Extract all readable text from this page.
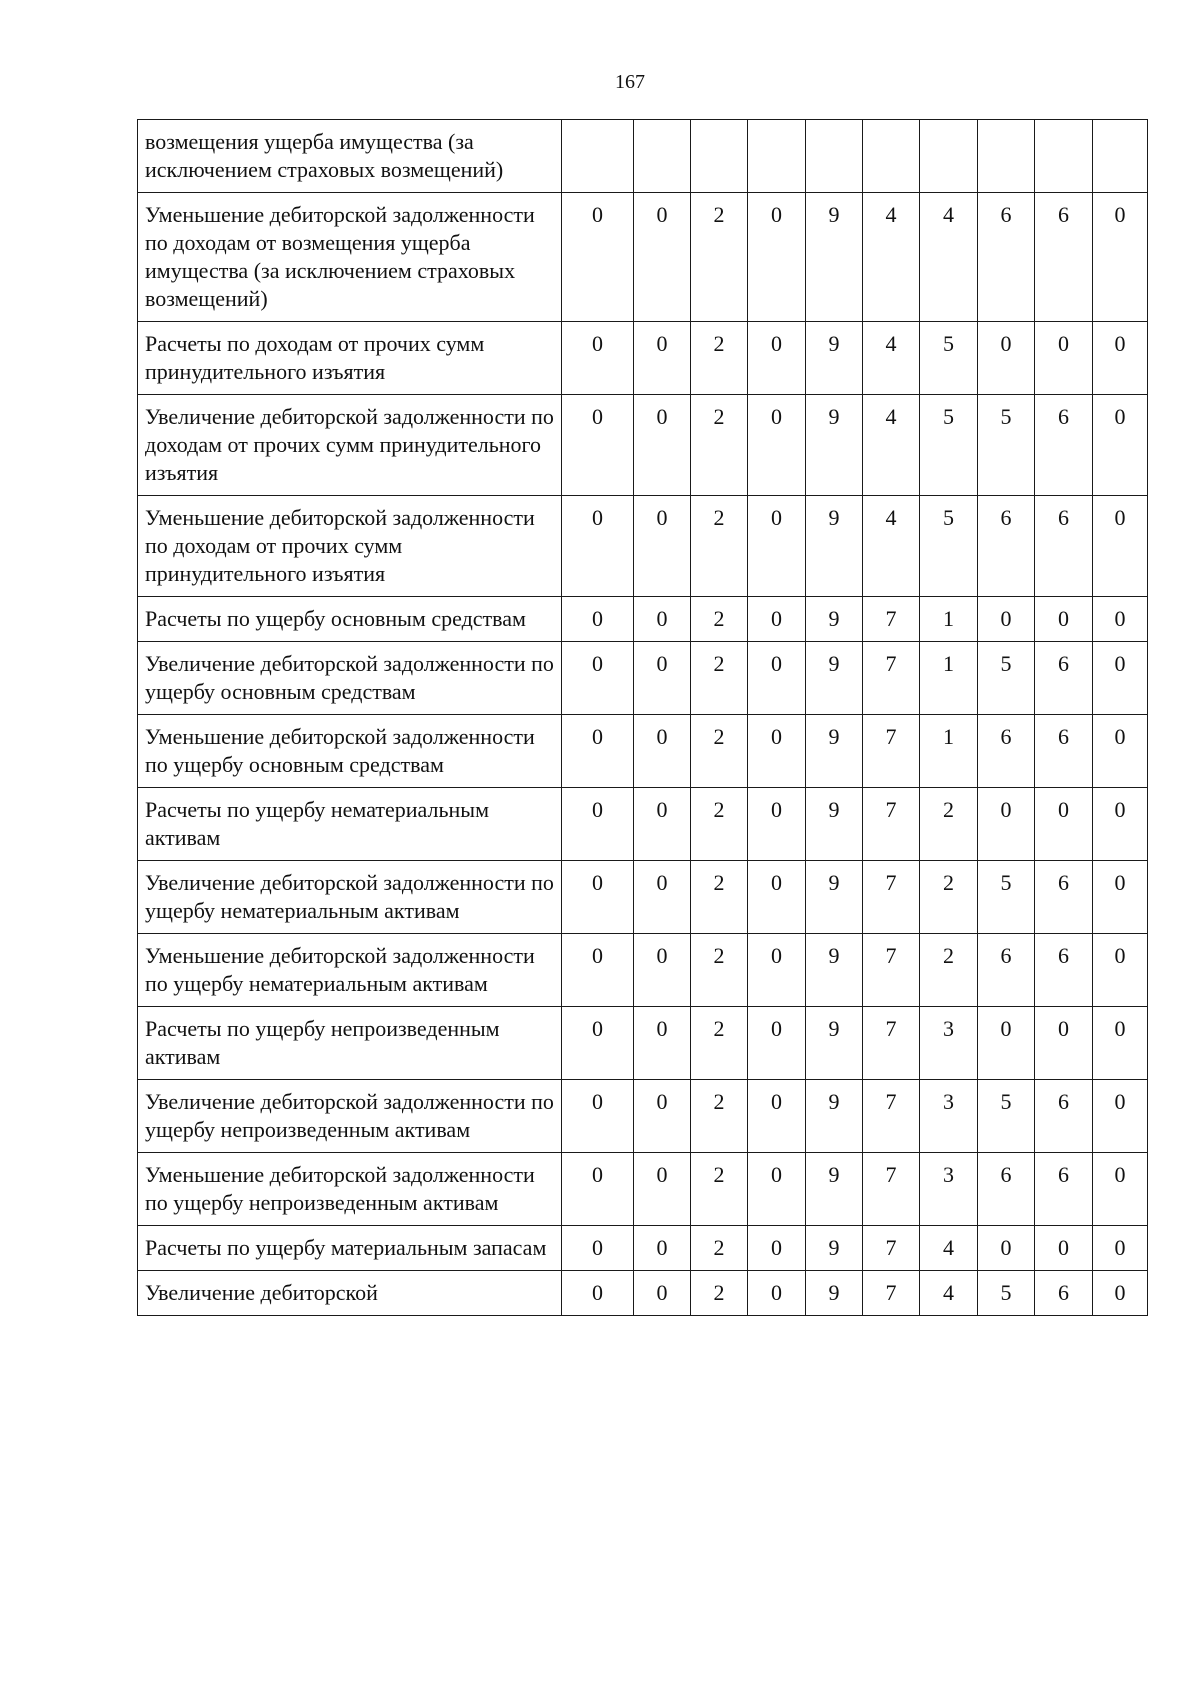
167
возмещения ущерба имущества (за исключением страховых возмещений)										
Уменьшение дебиторской задолженности по доходам от возмещения ущерба имущества (за исключением страховых возмещений)	0	0	2	0	9	4	4	6	6	0
Расчеты по доходам от прочих сумм принудительного изъятия	0	0	2	0	9	4	5	0	0	0
Увеличение дебиторской задолженности по доходам от прочих сумм принудительного изъятия	0	0	2	0	9	4	5	5	6	0
Уменьшение дебиторской задолженности по доходам от прочих сумм принудительного изъятия	0	0	2	0	9	4	5	6	6	0
Расчеты по ущербу основным средствам	0	0	2	0	9	7	1	0	0	0
Увеличение дебиторской задолженности по ущербу основным средствам	0	0	2	0	9	7	1	5	6	0
Уменьшение дебиторской задолженности по ущербу основным средствам	0	0	2	0	9	7	1	6	6	0
Расчеты по ущербу нематериальным активам	0	0	2	0	9	7	2	0	0	0
Увеличение дебиторской задолженности по ущербу нематериальным активам	0	0	2	0	9	7	2	5	6	0
Уменьшение дебиторской задолженности по ущербу нематериальным активам	0	0	2	0	9	7	2	6	6	0
Расчеты по ущербу непроизведенным активам	0	0	2	0	9	7	3	0	0	0
Увеличение дебиторской задолженности по ущербу непроизведенным активам	0	0	2	0	9	7	3	5	6	0
Уменьшение дебиторской задолженности по ущербу непроизведенным активам	0	0	2	0	9	7	3	6	6	0
Расчеты по ущербу материальным запасам	0	0	2	0	9	7	4	0	0	0
Увеличение дебиторской	0	0	2	0	9	7	4	5	6	0
